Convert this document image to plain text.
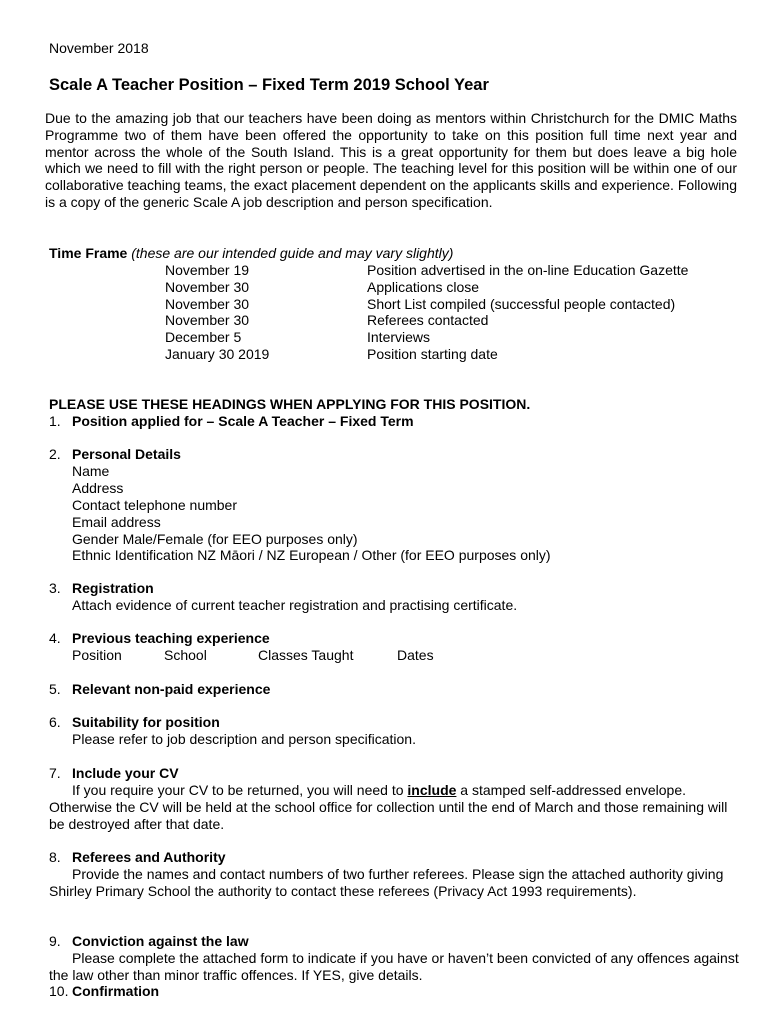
November 2018
Scale A Teacher Position – Fixed Term 2019 School Year
Due to the amazing job that our teachers have been doing as mentors within Christchurch for the DMIC Maths Programme two of them have been offered the opportunity to take on this position full time next year and mentor across the whole of the South Island. This is a great opportunity for them but does leave a big hole which we need to fill with the right person or people. The teaching level for this position will be within one of our collaborative teaching teams, the exact placement dependent on the applicants skills and experience. Following is a copy of the generic Scale A job description and person specification.
Time Frame (these are our intended guide and may vary slightly)
November 19	Position advertised in the on-line Education Gazette
November 30	Applications close
November 30	Short List compiled (successful people contacted)
November 30	Referees contacted
December 5	Interviews
January 30 2019	Position starting date
PLEASE USE THESE HEADINGS WHEN APPLYING FOR THIS POSITION.
1. Position applied for – Scale A Teacher – Fixed Term
2. Personal Details
Name
Address
Contact telephone number
Email address
Gender Male/Female (for EEO purposes only)
Ethnic Identification NZ Māori / NZ European / Other (for EEO purposes only)
3. Registration
Attach evidence of current teacher registration and practising certificate.
4. Previous teaching experience
Position	School	Classes Taught	Dates
5. Relevant non-paid experience
6. Suitability for position
Please refer to job description and person specification.
7. Include your CV
If you require your CV to be returned, you will need to include a stamped self-addressed envelope. Otherwise the CV will be held at the school office for collection until the end of March and those remaining will be destroyed after that date.
8. Referees and Authority
Provide the names and contact numbers of two further referees. Please sign the attached authority giving Shirley Primary School the authority to contact these referees (Privacy Act 1993 requirements).
9. Conviction against the law
Please complete the attached form to indicate if you have or haven’t been convicted of any offences against the law other than minor traffic offences. If YES, give details.
10. Confirmation
